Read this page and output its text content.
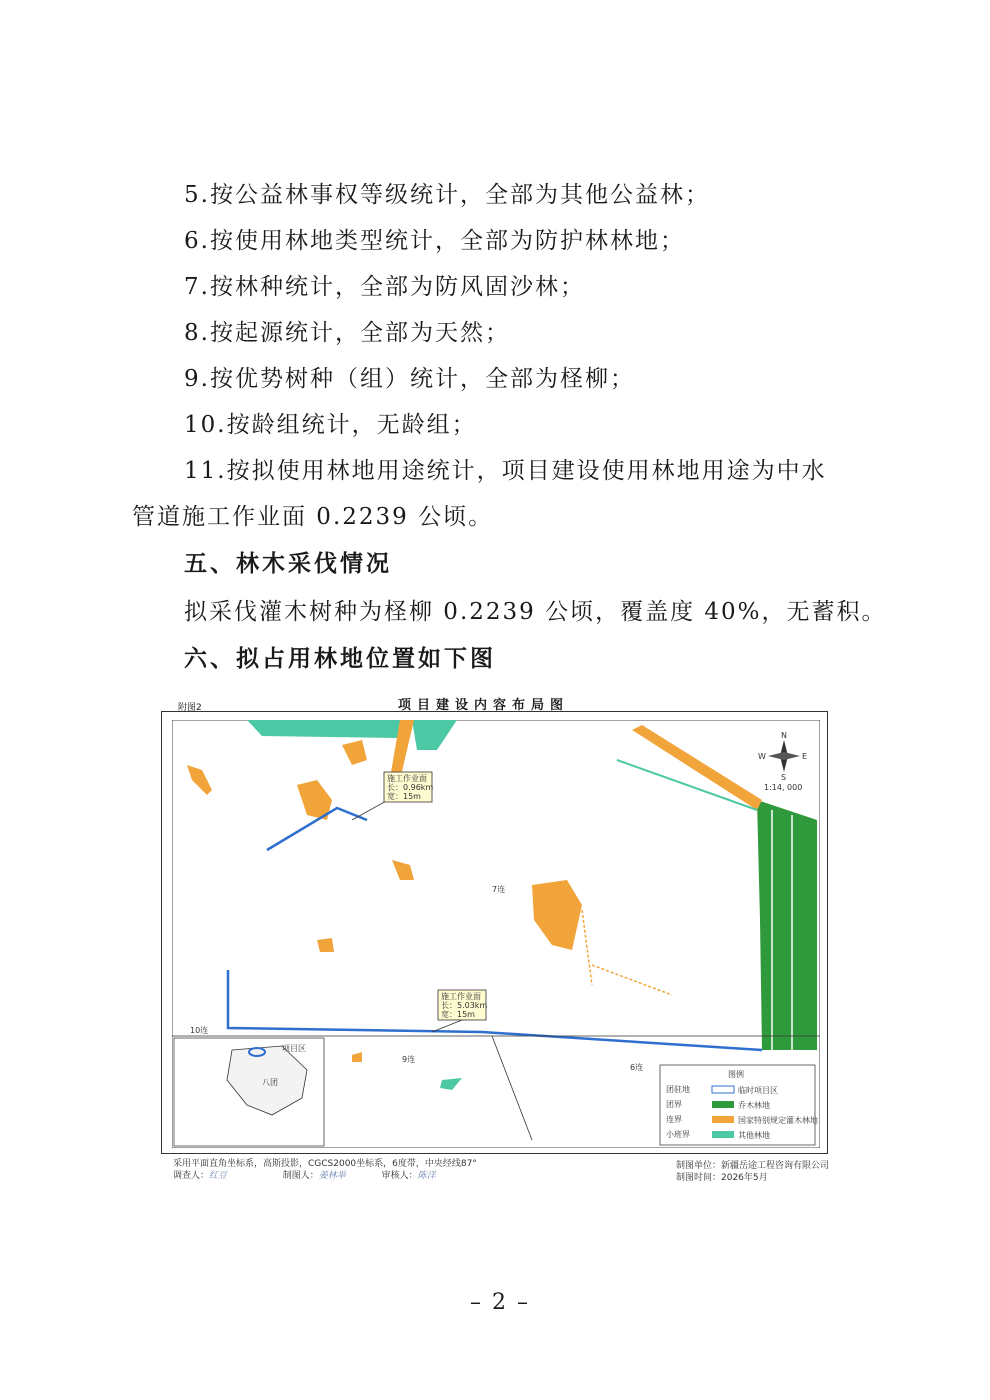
5.按公益林事权等级统计，全部为其他公益林；
6.按使用林地类型统计，全部为防护林林地；
7.按林种统计，全部为防风固沙林；
8.按起源统计，全部为天然；
9.按优势树种（组）统计，全部为柽柳；
10.按龄组统计，无龄组；
11.按拟使用林地用途统计，项目建设使用林地用途为中水
管道施工作业面 0.2239 公顷。
五、林木采伐情况
拟采伐灌木树种为柽柳 0.2239 公顷，覆盖度 40%，无蓄积。
六、拟占用林地位置如下图
附图2	项目建设内容布局图
施工作业面
长：0.96km
宽：15m
施工作业面
长：5.03km
宽：15m
N
S
E
W
1:14, 000
7连
9连
10连
6连
项目区
八团
图例
团驻地	临时项目区
团界	乔木林地
连界	国家特别规定灌木林地
小班界	其他林地
采用平面直角坐标系，高斯投影，CGCS2000坐标系，6度带，中央经线87°
调查人：红豆	制图人：姜林举	审核人：陈洋
制图单位：新疆岳途工程咨询有限公司
制图时间：2026年5月
– 2 –
